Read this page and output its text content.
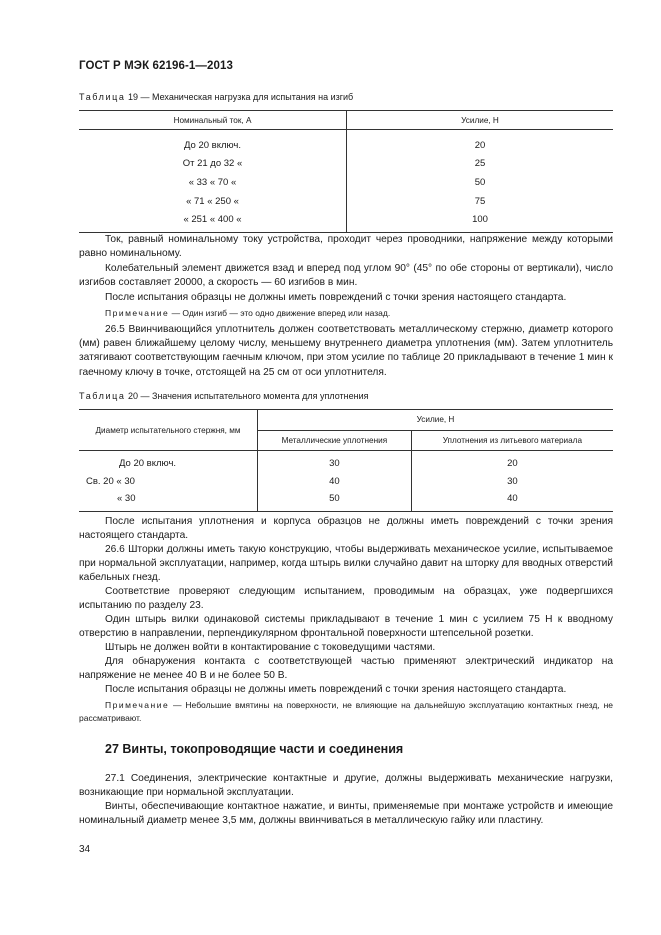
ГОСТ Р МЭК 62196-1—2013
Таблица 19 — Механическая нагрузка для испытания на изгиб
Номинальный ток, А	Усилие, Н
До 20 включ.	20
От 21 до 32 «	25
« 33 « 70 «	50
« 71 « 250 «	75
« 251 « 400 «	100
Ток, равный номинальному току устройства, проходит через проводники, напряжение между которыми равно номинальному.
Колебательный элемент движется взад и вперед под углом 90° (45° по обе стороны от вертикали), число изгибов составляет 20000, а скорость — 60 изгибов в мин.
После испытания образцы не должны иметь повреждений с точки зрения настоящего стандарта.
Примечание — Один изгиб — это одно движение вперед или назад.
26.5 Ввинчивающийся уплотнитель должен соответствовать металлическому стержню, диаметр которого (мм) равен ближайшему целому числу, меньшему внутреннего диаметра уплотнения (мм). Затем уплотнитель затягивают соответствующим гаечным ключом, при этом усилие по таблице 20 прикладывают в течение 1 мин к гаечному ключу в точке, отстоящей на 25 см от оси уплотнителя.
Таблица 20 — Значения испытательного момента для уплотнения
Диаметр испытательного стержня, мм	Усилие, Н	
	Металлические уплотнения	Уплотнения из литьевого материала
До 20 включ.	30	20
Св. 20 « 30	40	30
« 30	50	40
После испытания уплотнения и корпуса образцов не должны иметь повреждений с точки зрения настоящего стандарта.
26.6 Шторки должны иметь такую конструкцию, чтобы выдерживать механическое усилие, испытываемое при нормальной эксплуатации, например, когда штырь вилки случайно давит на шторку для вводных отверстий кабельных гнезд.
Соответствие проверяют следующим испытанием, проводимым на образцах, уже подвергшихся испытанию по разделу 23.
Один штырь вилки одинаковой системы прикладывают в течение 1 мин с усилием 75 Н к вводному отверстию в направлении, перпендикулярном фронтальной поверхности штепсельной розетки.
Штырь не должен войти в контактирование с токоведущими частями.
Для обнаружения контакта с соответствующей частью применяют электрический индикатор на напряжение не менее 40 В и не более 50 В.
После испытания образцы не должны иметь повреждений с точки зрения настоящего стандарта.
Примечание — Небольшие вмятины на поверхности, не влияющие на дальнейшую эксплуатацию контактных гнезд, не рассматривают.
27 Винты, токопроводящие части и соединения
27.1 Соединения, электрические контактные и другие, должны выдерживать механические нагрузки, возникающие при нормальной эксплуатации.
Винты, обеспечивающие контактное нажатие, и винты, применяемые при монтаже устройств и имеющие номинальный диаметр менее 3,5 мм, должны ввинчиваться в металлическую гайку или пластину.
34
